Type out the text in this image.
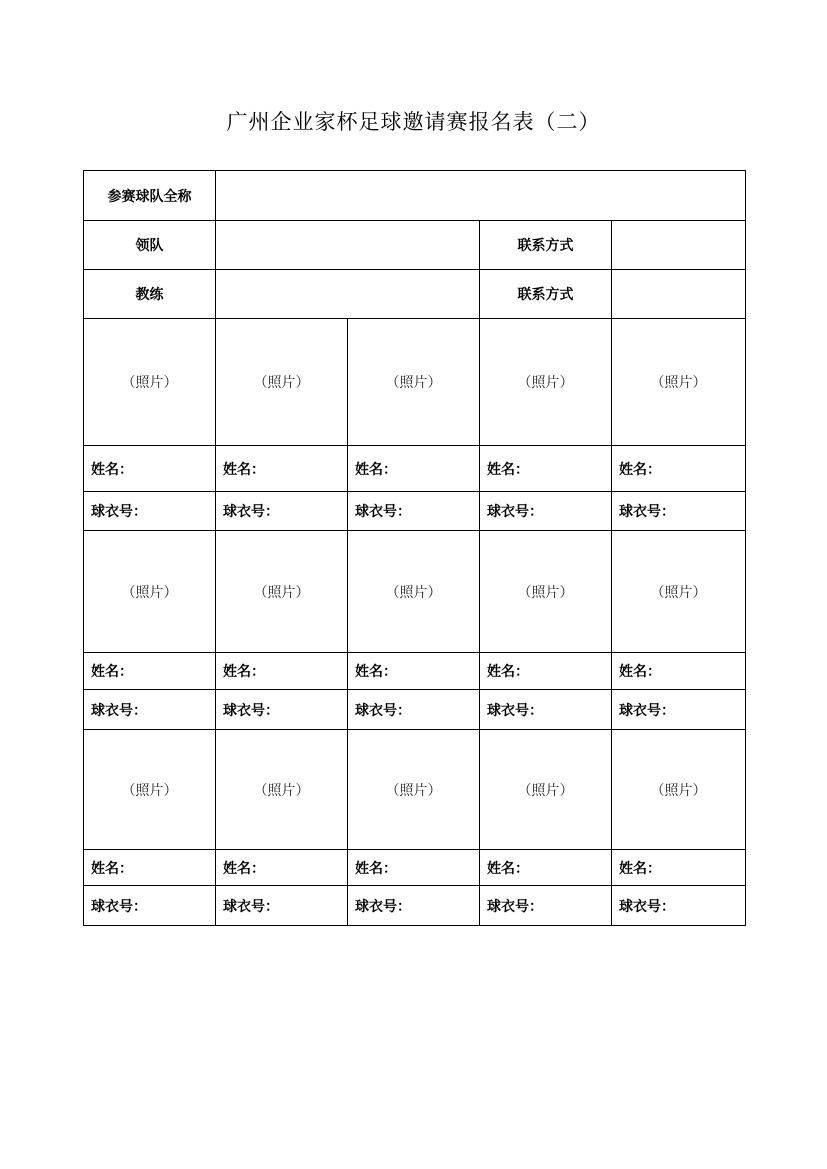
广州企业家杯足球邀请赛报名表（二）
参赛球队全称				
领队			联系方式	
教练			联系方式	
（照片）	（照片）	（照片）	（照片）	（照片）
姓名：	姓名：	姓名：	姓名：	姓名：
球衣号：	球衣号：	球衣号：	球衣号：	球衣号：
（照片）	（照片）	（照片）	（照片）	（照片）
姓名：	姓名：	姓名：	姓名：	姓名：
球衣号：	球衣号：	球衣号：	球衣号：	球衣号：
（照片）	（照片）	（照片）	（照片）	（照片）
姓名：	姓名：	姓名：	姓名：	姓名：
球衣号：	球衣号：	球衣号：	球衣号：	球衣号：
